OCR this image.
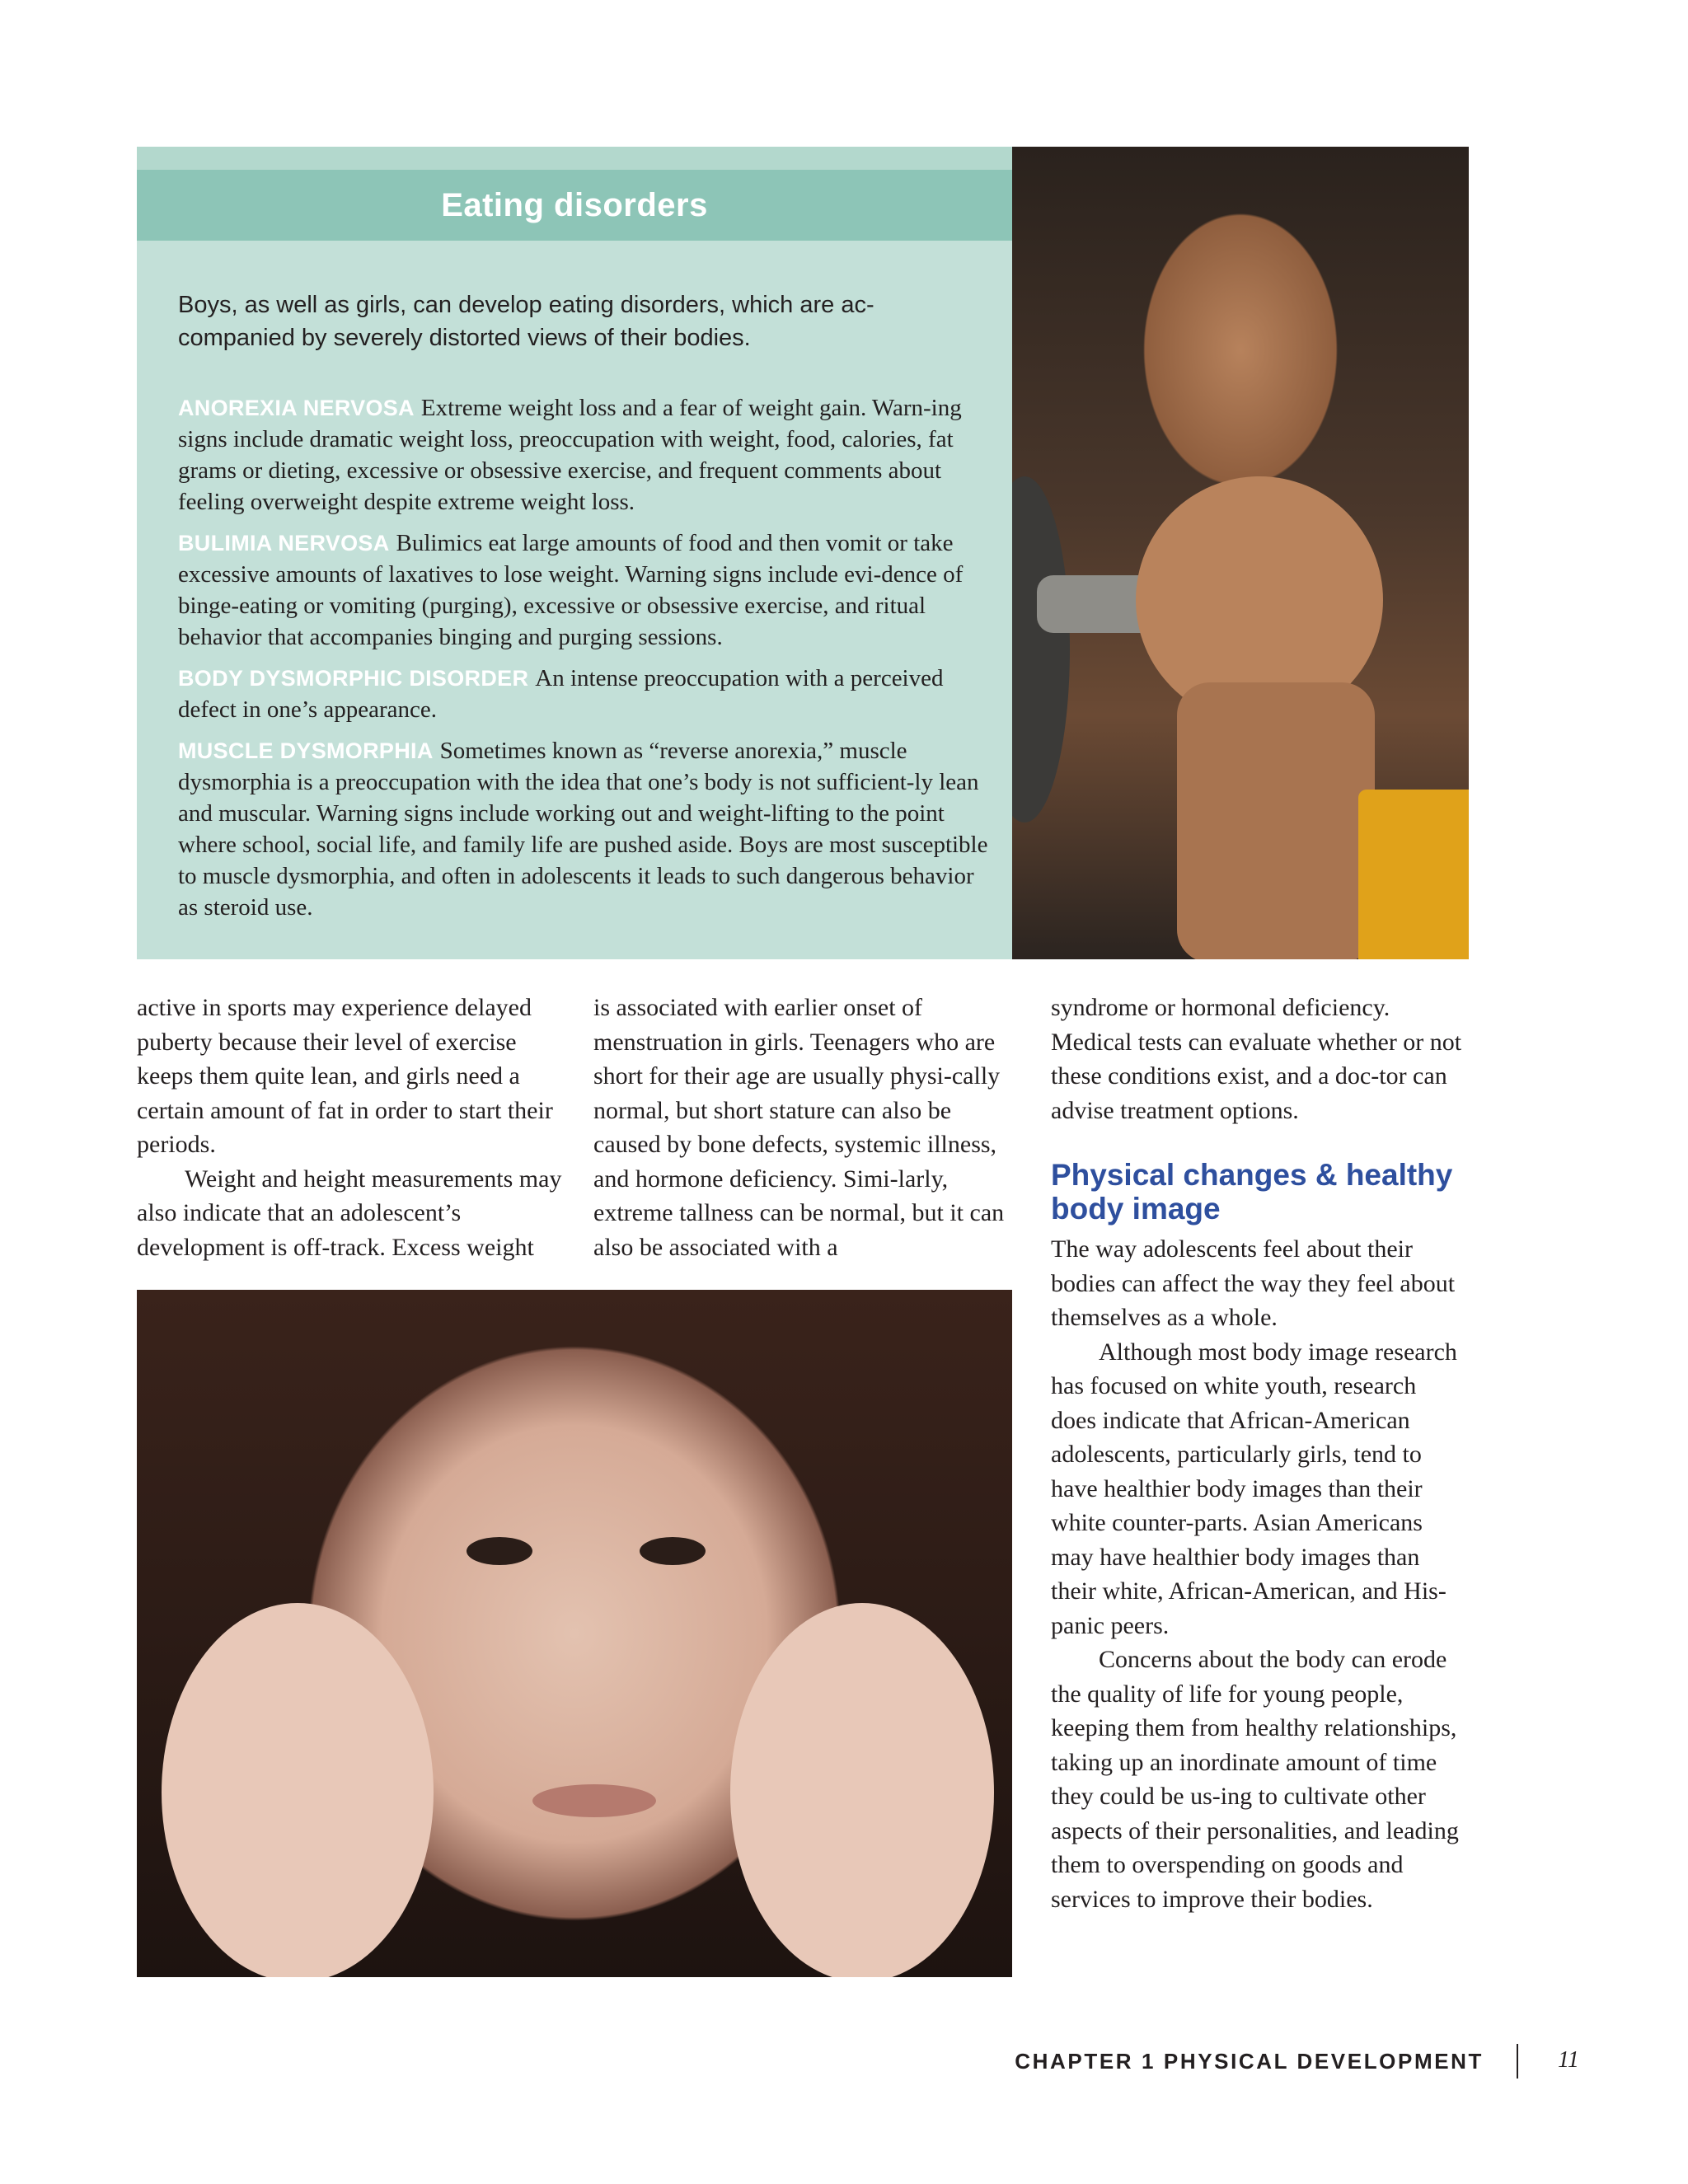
Eating disorders
Boys, as well as girls, can develop eating disorders, which are ac-companied by severely distorted views of their bodies.

ANOREXIA NERVOSA Extreme weight loss and a fear of weight gain. Warn-ing signs include dramatic weight loss, preoccupation with weight, food, calories, fat grams or dieting, excessive or obsessive exercise, and frequent comments about feeling overweight despite extreme weight loss.

BULIMIA NERVOSA Bulimics eat large amounts of food and then vomit or take excessive amounts of laxatives to lose weight. Warning signs include evi-dence of binge-eating or vomiting (purging), excessive or obsessive exercise, and ritual behavior that accompanies binging and purging sessions.

BODY DYSMORPHIC DISORDER An intense preoccupation with a perceived defect in one’s appearance.

MUSCLE DYSMORPHIA Sometimes known as “reverse anorexia,” muscle dysmorphia is a preoccupation with the idea that one’s body is not sufficient-ly lean and muscular. Warning signs include working out and weight-lifting to the point where school, social life, and family life are pushed aside. Boys are most susceptible to muscle dysmorphia, and often in adolescents it leads to such dangerous behavior as steroid use.

active in sports may experience delayed puberty because their level of exercise keeps them quite lean, and girls need a certain amount of fat in order to start their periods.

Weight and height measurements may also indicate that an adolescent’s development is off-track. Excess weight

is associated with earlier onset of menstruation in girls. Teenagers who are short for their age are usually physi-cally normal, but short stature can also be caused by bone defects, systemic illness, and hormone deficiency. Simi-larly, extreme tallness can be normal, but it can also be associated with a

syndrome or hormonal deficiency. Medical tests can evaluate whether or not these conditions exist, and a doc-tor can advise treatment options.

Physical changes & healthy body image

The way adolescents feel about their bodies can affect the way they feel about themselves as a whole.

Although most body image research has focused on white youth, research does indicate that African-American adolescents, particularly girls, tend to have healthier body images than their white counter-parts. Asian Americans may have healthier body images than their white, African-American, and His-panic peers.

Concerns about the body can erode the quality of life for young people, keeping them from healthy relationships, taking up an inordinate amount of time they could be us-ing to cultivate other aspects of their personalities, and leading them to overspending on goods and services to improve their bodies.

CHAPTER 1 PHYSICAL DEVELOPMENT	11
